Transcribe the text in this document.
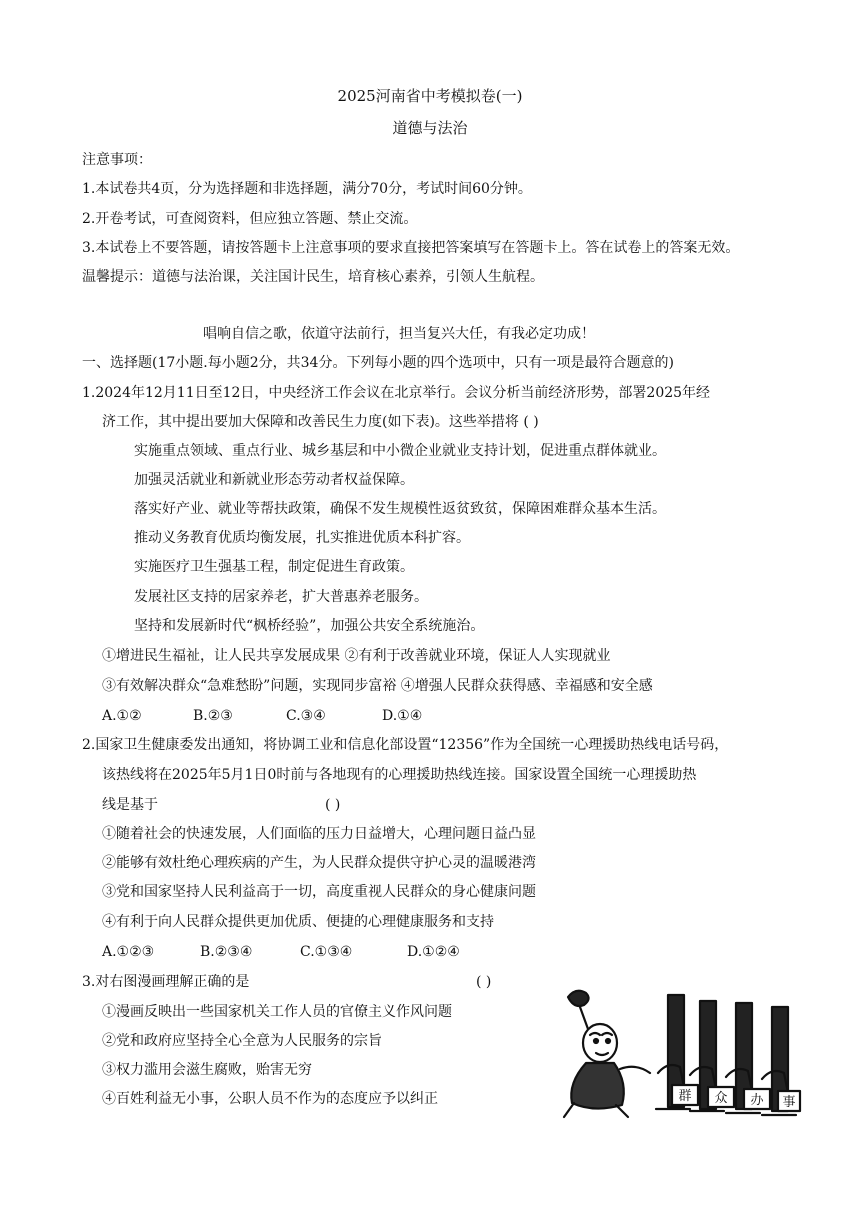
2025河南省中考模拟卷(一)
道德与法治
注意事项：
1.本试卷共4页，分为选择题和非选择题，满分70分，考试时间60分钟。
2.开卷考试，可查阅资料，但应独立答题、禁止交流。
3.本试卷上不要答题，请按答题卡上注意事项的要求直接把答案填写在答题卡上。答在试卷上的答案无效。
温馨提示：道德与法治课，关注国计民生，培育核心素养，引领人生航程。
唱响自信之歌，依道守法前行，担当复兴大任，有我必定功成！
一、选择题(17小题.每小题2分，共34分。下列每小题的四个选项中，只有一项是最符合题意的)
1.2024年12月11日至12日，中央经济工作会议在北京举行。会议分析当前经济形势，部署2025年经
济工作，其中提出要加大保障和改善民生力度(如下表)。这些举措将 ( )
实施重点领域、重点行业、城乡基层和中小微企业就业支持计划，促进重点群体就业。
加强灵活就业和新就业形态劳动者权益保障。
落实好产业、就业等帮扶政策，确保不发生规模性返贫致贫，保障困难群众基本生活。
推动义务教育优质均衡发展，扎实推进优质本科扩容。
实施医疗卫生强基工程，制定促进生育政策。
发展社区支持的居家养老，扩大普惠养老服务。
坚持和发展新时代“枫桥经验”，加强公共安全系统施治。
①增进民生福祉，让人民共享发展成果 ②有利于改善就业环境，保证人人实现就业
③有效解决群众“急难愁盼”问题，实现同步富裕 ④增强人民群众获得感、幸福感和安全感
A.①②	B.②③	C.③④	D.①④
2.国家卫生健康委发出通知，将协调工业和信息化部设置“12356”作为全国统一心理援助热线电话号码，
该热线将在2025年5月1日0时前与各地现有的心理援助热线连接。国家设置全国统一心理援助热
线是基于	( )
①随着社会的快速发展，人们面临的压力日益增大，心理问题日益凸显
②能够有效杜绝心理疾病的产生，为人民群众提供守护心灵的温暖港湾
③党和国家坚持人民利益高于一切，高度重视人民群众的身心健康问题
④有利于向人民群众提供更加优质、便捷的心理健康服务和支持
A.①②③	B.②③④	C.①③④	D.①②④
3.对右图漫画理解正确的是	( )
①漫画反映出一些国家机关工作人员的官僚主义作风问题
②党和政府应坚持全心全意为人民服务的宗旨
③权力滥用会滋生腐败，贻害无穷
④百姓利益无小事，公职人员不作为的态度应予以纠正	群 众 办 事
